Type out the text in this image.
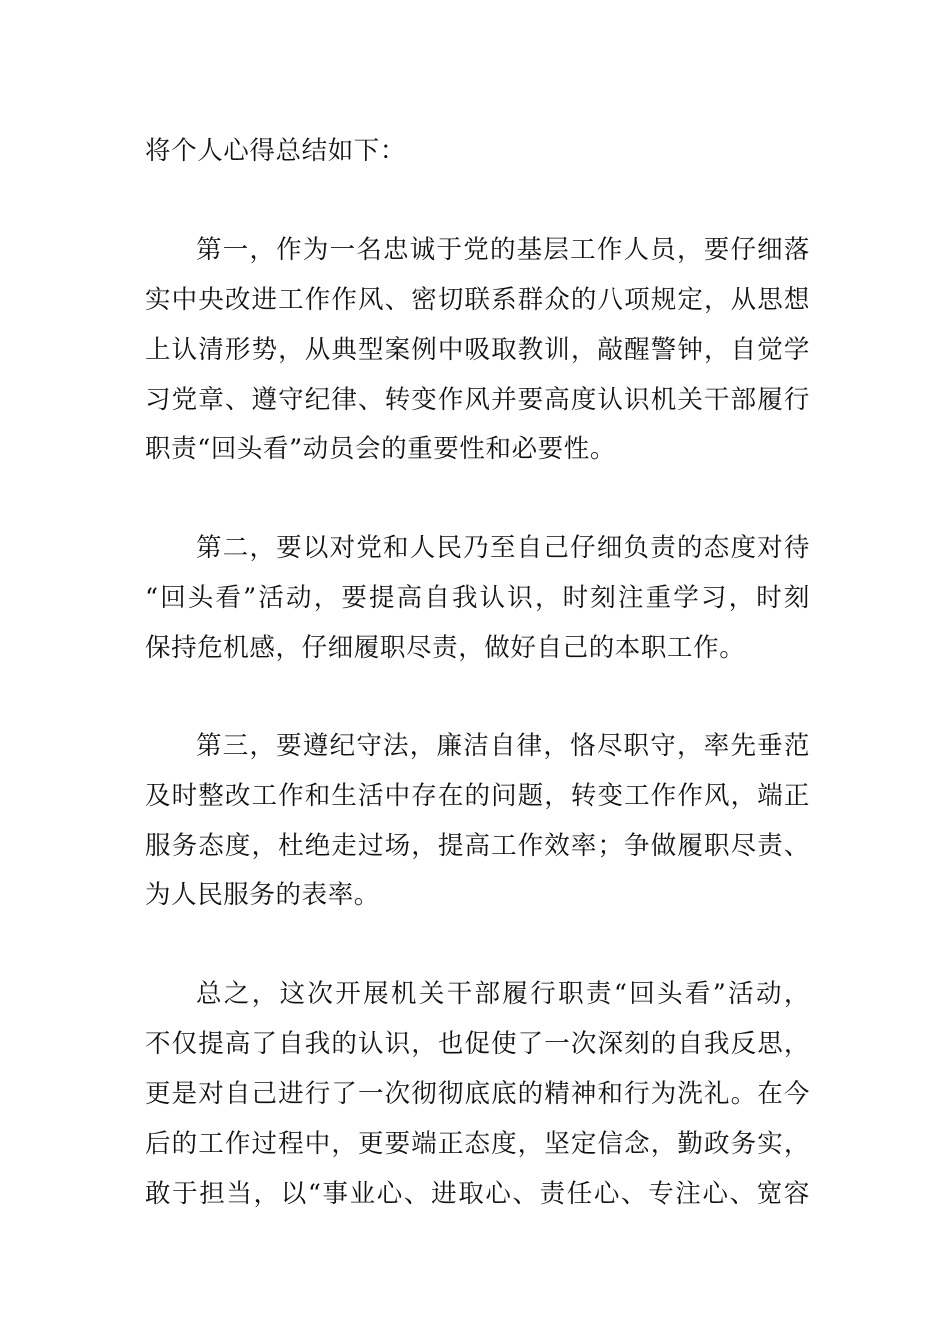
将个人心得总结如下：
第一，作为一名忠诚于党的基层工作人员，要仔细落
实中央改进工作作风、密切联系群众的八项规定，从思想
上认清形势，从典型案例中吸取教训，敲醒警钟，自觉学
习党章、遵守纪律、转变作风并要高度认识机关干部履行
职责“回头看”动员会的重要性和必要性。
第二，要以对党和人民乃至自己仔细负责的态度对待
“回头看”活动，要提高自我认识，时刻注重学习，时刻
保持危机感，仔细履职尽责，做好自己的本职工作。
第三，要遵纪守法，廉洁自律，恪尽职守，率先垂范
及时整改工作和生活中存在的问题，转变工作作风，端正
服务态度，杜绝走过场，提高工作效率；争做履职尽责、
为人民服务的表率。
总之，这次开展机关干部履行职责“回头看”活动，
不仅提高了自我的认识，也促使了一次深刻的自我反思，
更是对自己进行了一次彻彻底底的精神和行为洗礼。在今
后的工作过程中，更要端正态度，坚定信念，勤政务实，
敢于担当，以“事业心、进取心、责任心、专注心、宽容
